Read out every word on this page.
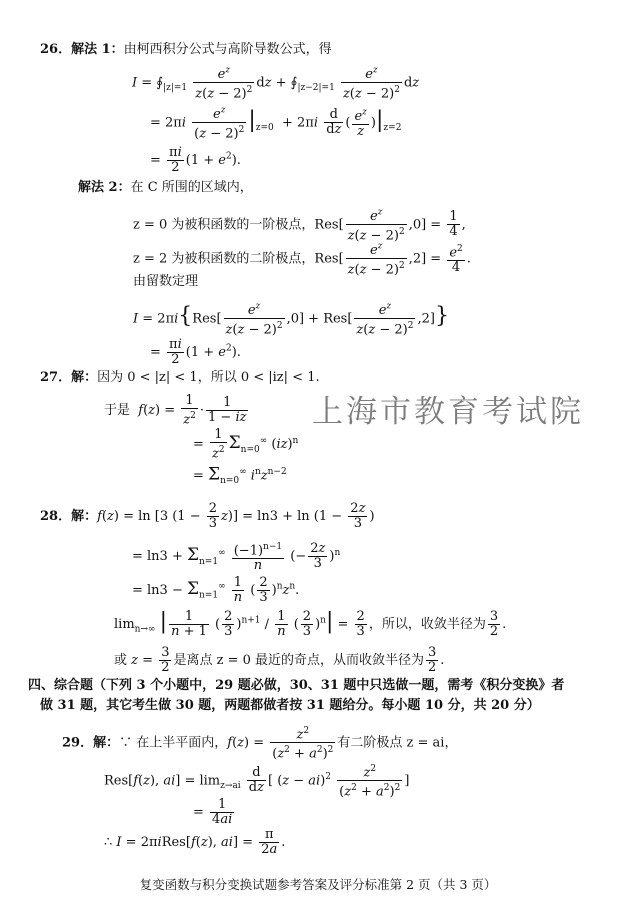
上海市教育考试院
26．解法 1：由柯西积分公式与高阶导数公式，得
$I = ∮_{|z|=1} \frac{e^z}{z(z - 2)^2}$ dz + $∮_{|z-2|=1} \frac{e^z}{z(z - 2)^2}$ dz
= $2\pi i \frac{e^z}{(z - 2)^2} |_{z=0} + 2\pi i \frac{d}{dz}$ ( $\frac{e^z}{z} )|_{z=2}$
= $\frac{\pi i}{2} (1 + e^2)$.
解法 2：在 C 所围的区域内，
z = 0 为被积函数的一阶极点，$Res[ \frac{e^z}{z(z - 2)^2} ,0] = \frac{1}{4}$ ,
z = 2 为被积函数的二阶极点，$Res[ \frac{e^z}{z(z - 2)^2} ,2] = \frac{e^2}{4}$ .
由留数定理
$I = 2\pi i\{Res[ \frac{e^z}{z(z - 2)^2} ,0] + Res[ \frac{e^z}{z(z - 2)^2} ,2]\}$
= $\frac{\pi i}{2} (1 + e^2)$.
27．解：因为 0 < |z| < 1，所以 0 < |iz| < 1.
于是 $f(z) = \frac{1}{z^2} \cdot \frac{1}{1 - iz}$
= $\frac{1}{z^2} \Sigma_{n=0}^\infty$ (iz)$^n$
= $\Sigma_{n=0}^\infty$ $i^nz^{n-2}$
28．解：f(z) = ln [3 $(1 - \frac{2}{3} z)] = \ln 3 + \ln (1 - \frac{2z}{3}$ )
= $\ln 3 + \Sigma_{n=1}^\infty \frac{(-1)^{n-1}}{n}$ (− $\frac{2z}{3} )^n$
= $\ln 3 - \Sigma_{n=1}^\infty \frac{1}{n}$ ( $\frac{2}{3} )^nz^n$.
$\lim_{n\to\infty}$ | $\frac{1}{n + 1}$ ( $\frac{2}{3} )^{n+1} / \frac{1}{n}$ ( $\frac{2}{3} )^n| = \frac{2}{3}$ ，所以，收敛半径为 $\frac{3}{2}$ .
或 $z = \frac{3}{2}$ 是离点 z = 0 最近的奇点，从而收敛半径为 $\frac{3}{2}$ .
四、综合题（下列 3 个小题中，29 题必做，30、31 题中只选做一题，需考《积分变换》者
做 31 题，其它考生做 30 题，两题都做者按 31 题给分。每小题 10 分，共 20 分）
29．解：∵ 在上半平面内，$f(z) = \frac{z^2}{(z^2 + a^2)^2}$ 有二阶极点 z = ai，
Res[f(z), $ai] = \lim_{z\to ai} \frac{d}{dz}$ [ $(z - ai)^2 \frac{z^2}{(z^2 + a^2)^2}$ ]
= $\frac{1}{4ai}$
∴ I = 2πiRes[f(z), $ai] = \frac{\pi}{2a}$ .
复变函数与积分变换试题参考答案及评分标准第 2 页（共 3 页）
